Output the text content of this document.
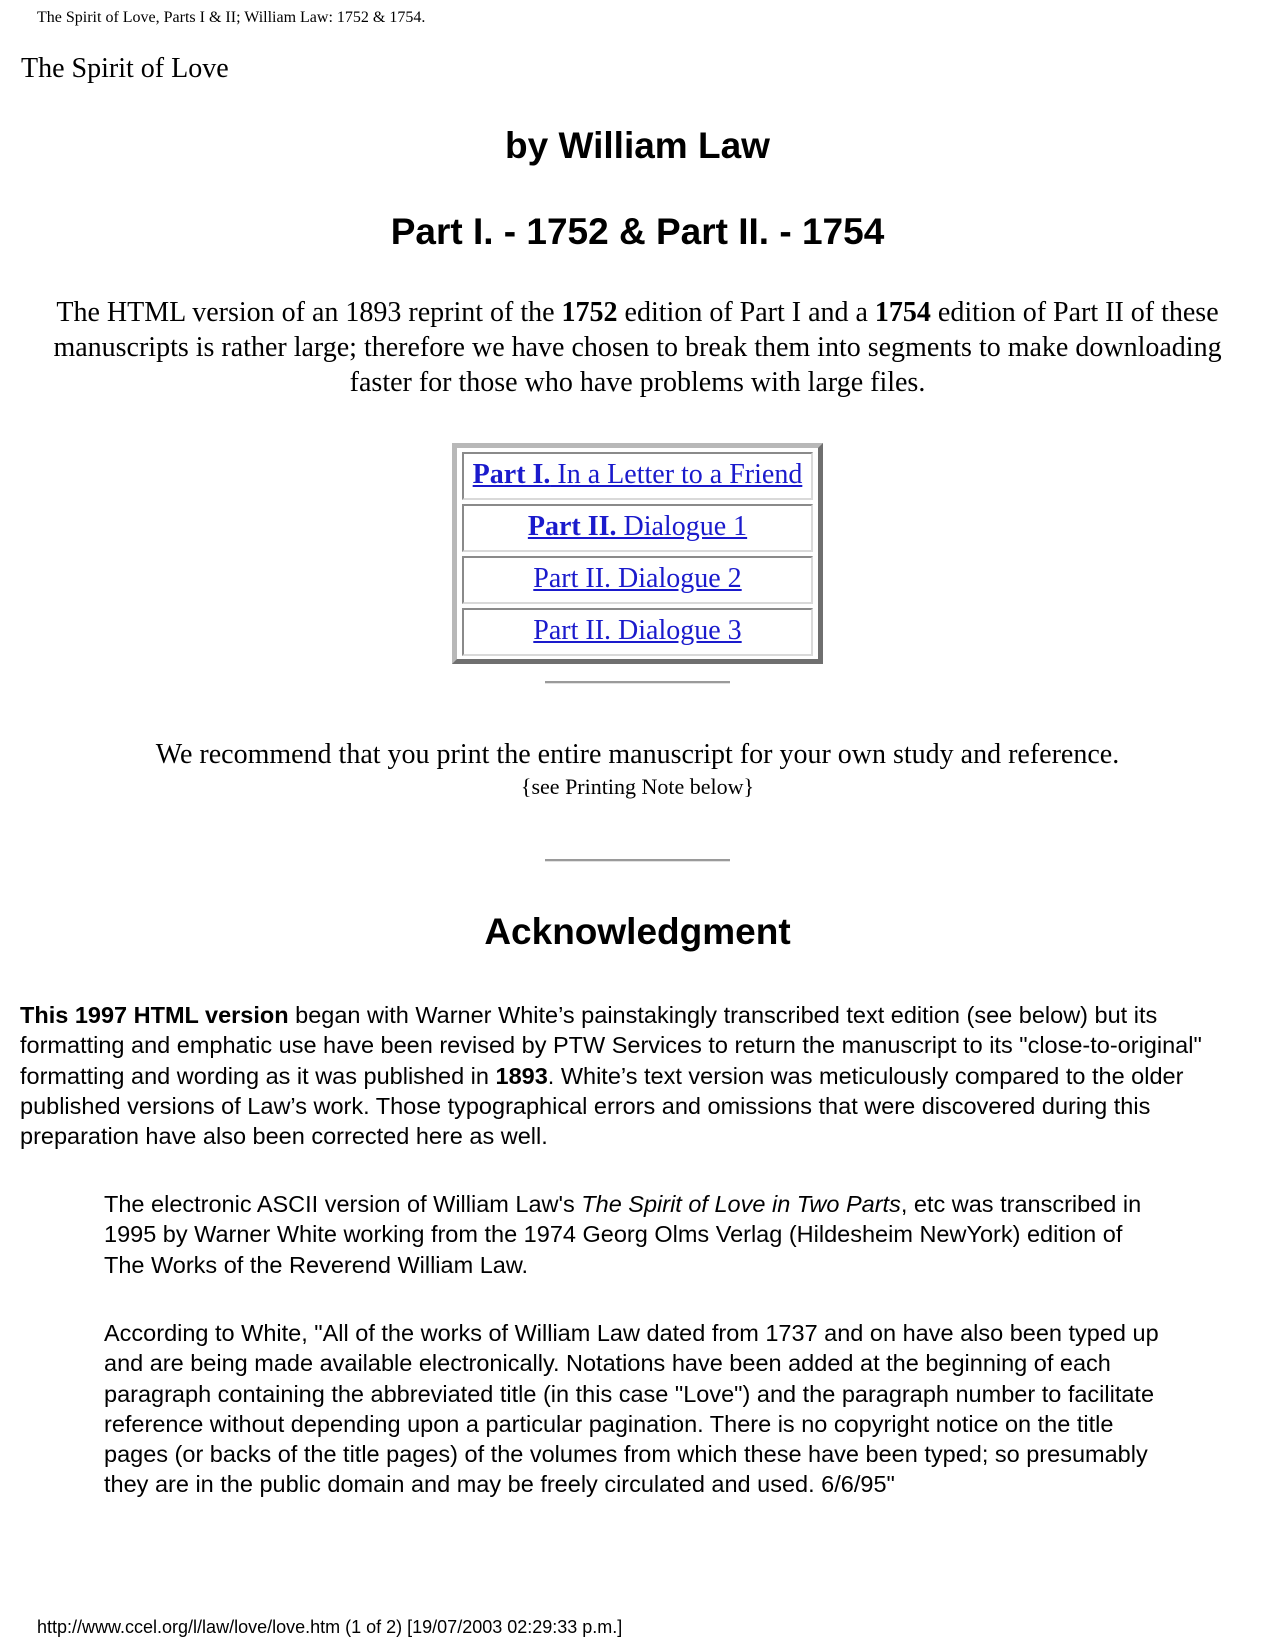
The Spirit of Love, Parts I & II; William Law: 1752 & 1754.
The Spirit of Love
by William Law
Part I. - 1752 & Part II. - 1754

The HTML version of an 1893 reprint of the 1752 edition of Part I and a 1754 edition of Part II of these manuscripts is rather large; therefore we have chosen to break them into segments to make downloading faster for those who have problems with large files.

Part I. In a Letter to a Friend
Part II. Dialogue 1
Part II. Dialogue 2
Part II. Dialogue 3

We recommend that you print the entire manuscript for your own study and reference.

{see Printing Note below}
Acknowledgment

This 1997 HTML version began with Warner White’s painstakingly transcribed text edition (see below) but its formatting and emphatic use have been revised by PTW Services to return the manuscript to its "close-to-original" formatting and wording as it was published in 1893. White’s text version was meticulously compared to the older published versions of Law’s work. Those typographical errors and omissions that were discovered during this preparation have also been corrected here as well.

The electronic ASCII version of William Law's The Spirit of Love in Two Parts, etc was transcribed in 1995 by Warner White working from the 1974 Georg Olms Verlag (Hildesheim NewYork) edition of The Works of the Reverend William Law.

According to White, "All of the works of William Law dated from 1737 and on have also been typed up and are being made available electronically. Notations have been added at the beginning of each paragraph containing the abbreviated title (in this case "Love") and the paragraph number to facilitate reference without depending upon a particular pagination. There is no copyright notice on the title pages (or backs of the title pages) of the volumes from which these have been typed; so presumably they are in the public domain and may be freely circulated and used. 6/6/95"

http://www.ccel.org/l/law/love/love.htm (1 of 2) [19/07/2003 02:29:33 p.m.]
